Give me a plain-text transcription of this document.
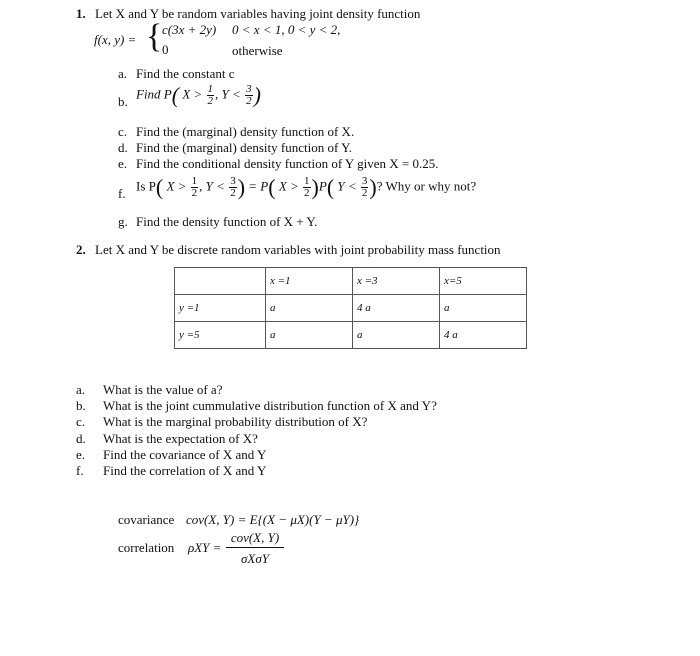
1. Let X and Y be random variables having joint density function
f(x, y) = { c(3x + 2y) 0 < x < 1, 0 < y < 2,
0	otherwise
a. Find the constant c
b.
Find P( $X > \frac{1}{2}$ , $Y < \frac{3}{2}$ )
c. Find the (marginal) density function of X.
d. Find the (marginal) density function of Y.
e. Find the conditional density function of Y given X = 0.25.
f.
Is P( $X > \frac{1}{2}$ , $Y < \frac{3}{2}$ ) = P( $X > \frac{1}{2} )P$( $Y < \frac{3}{2}$ )? Why or why not?
g. Find the density function of X + Y.
2. Let X and Y be discrete random variables with joint probability mass function
	x =1	x =3	x=5
y =1	a	4 a	a
y =5	a	a	4 a
a. What is the value of a?
b. What is the joint cummulative distribution function of X and Y?
c. What is the marginal probability distribution of X?
d. What is the expectation of X?
e. Find the covariance of X and Y
f. Find the correlation of X and Y
covariance cov(X, Y) = E{(X − μX)(Y − μY)}
correlation ρXY =
cov(X, Y)
σXσY
